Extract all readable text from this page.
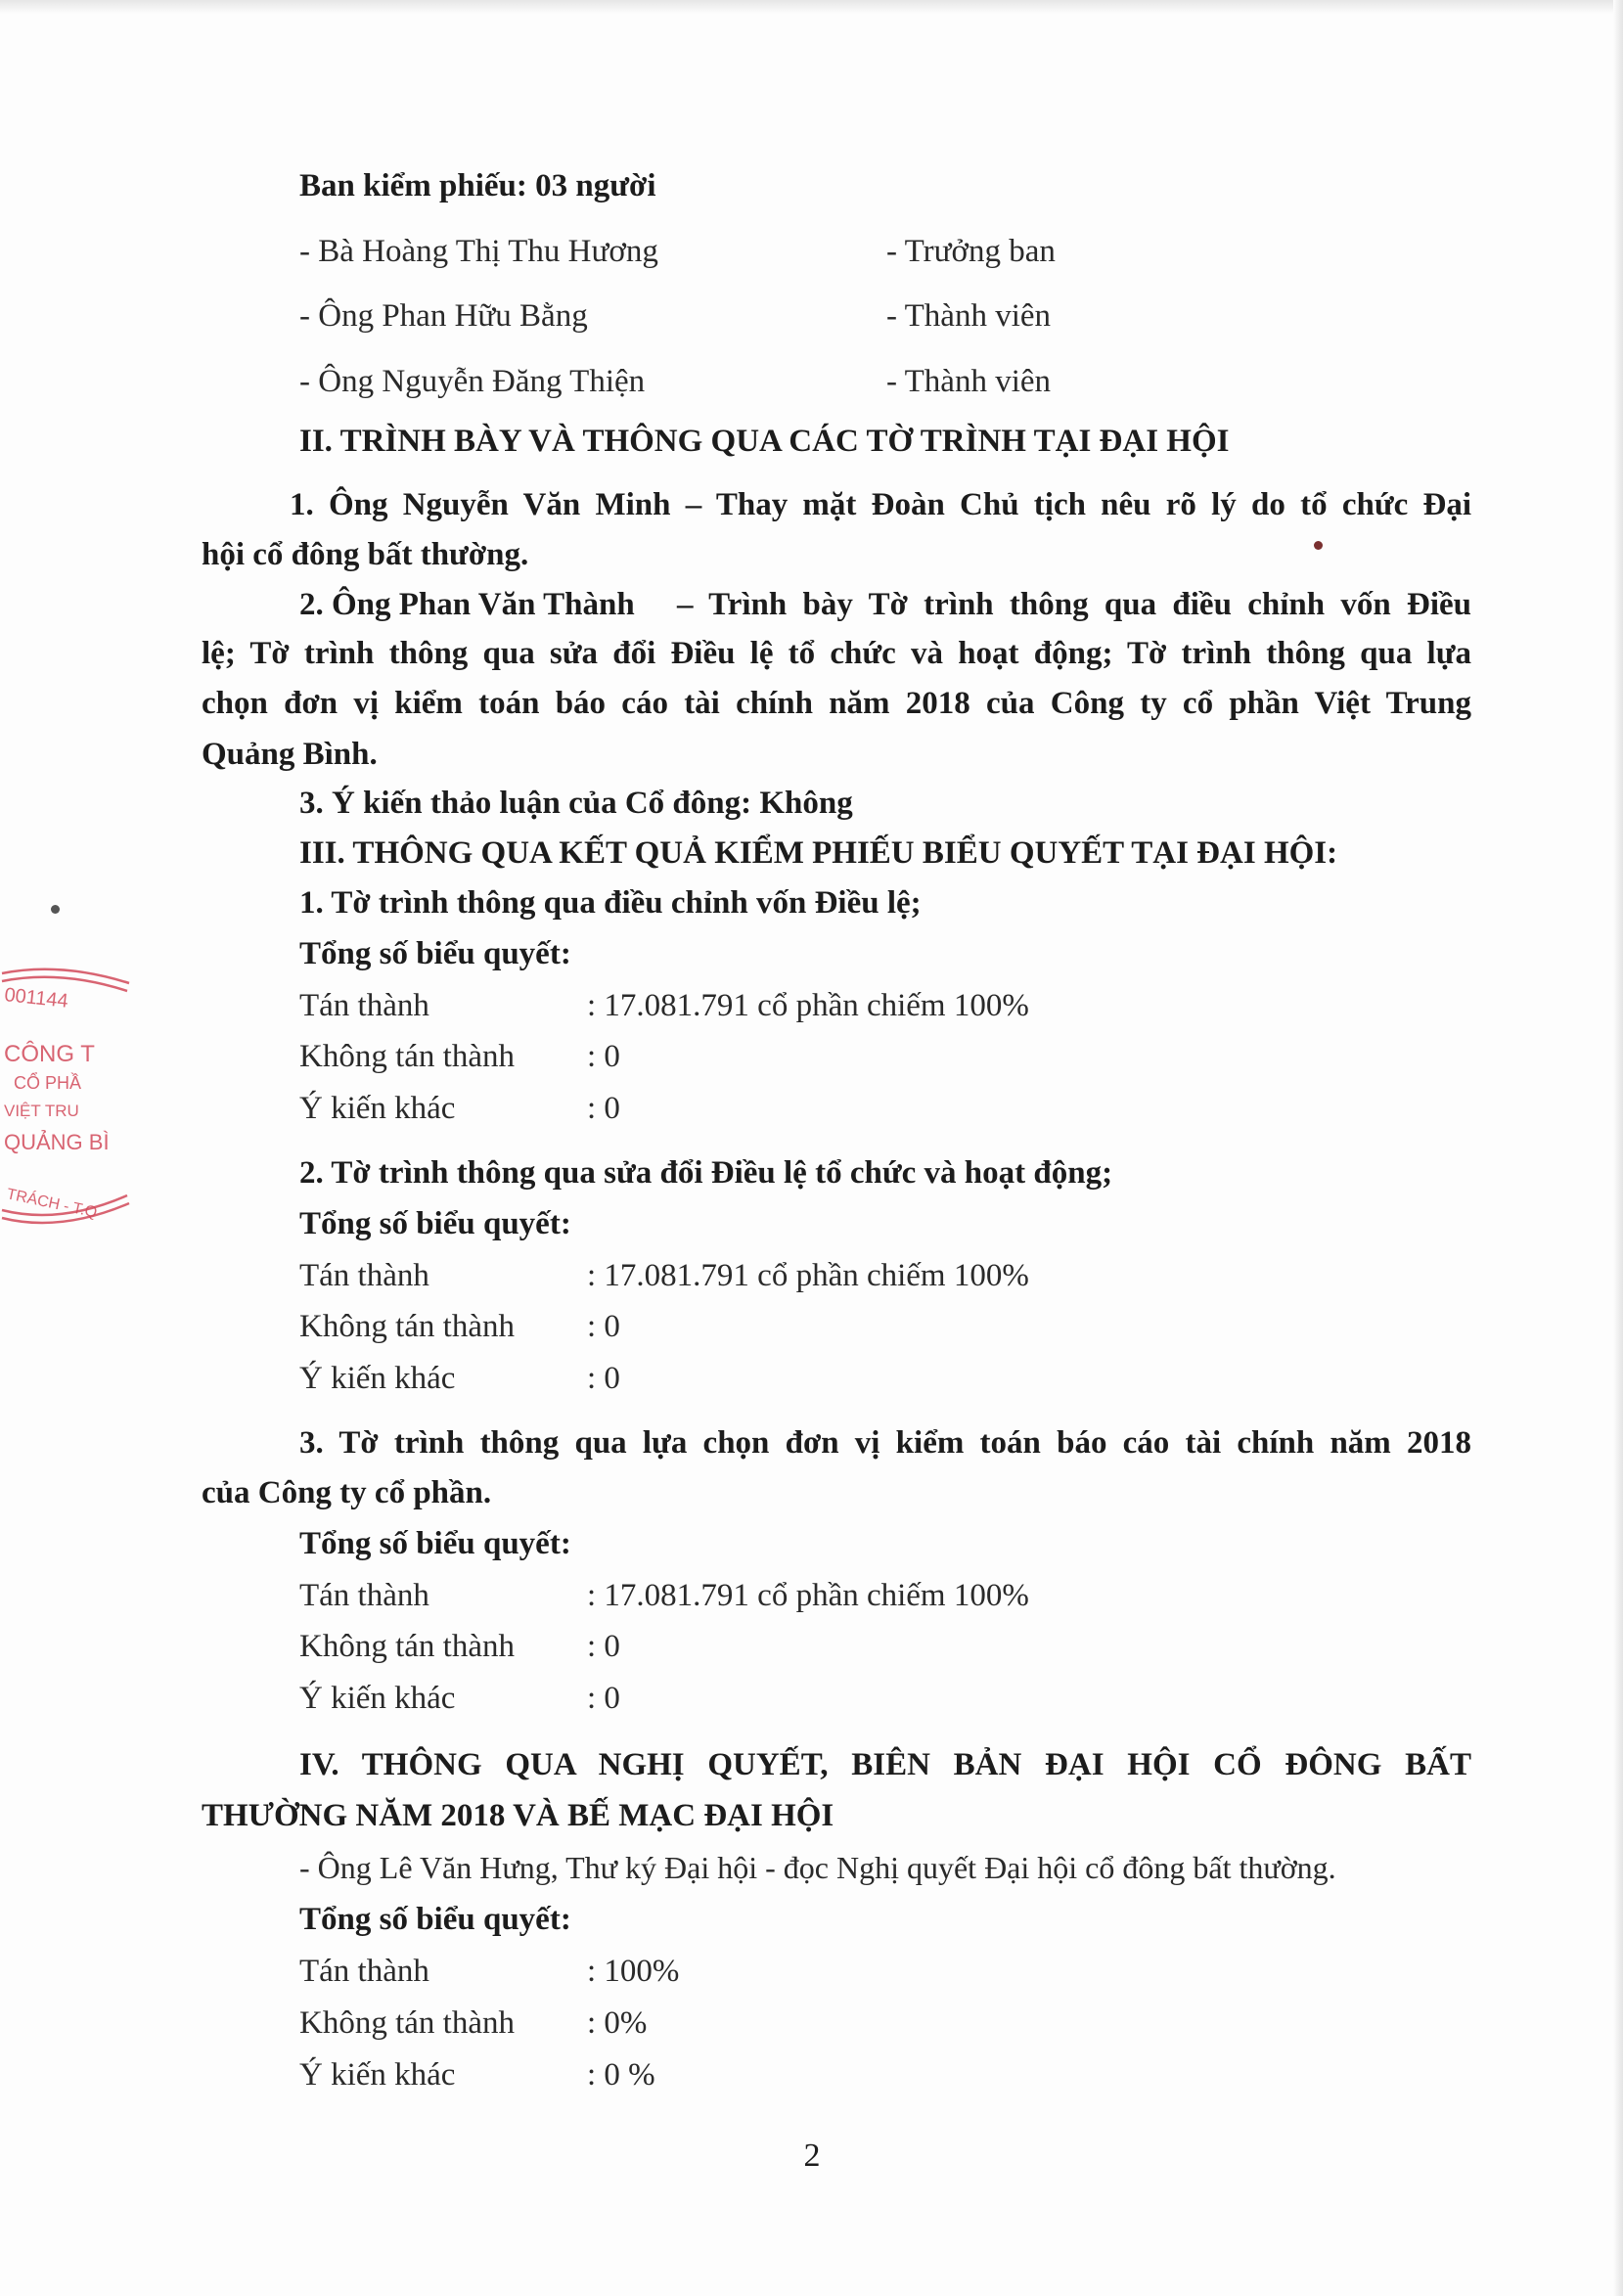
Ban kiểm phiếu: 03 người
- Bà Hoàng Thị Thu Hương	- Trưởng ban
- Ông Phan Hữu Bằng	- Thành viên
- Ông Nguyễn Đăng Thiện	- Thành viên
II. TRÌNH BÀY VÀ THÔNG QUA CÁC TỜ TRÌNH TẠI ĐẠI HỘI
1. Ông Nguyễn Văn Minh – Thay mặt Đoàn Chủ tịch nêu rõ lý do tổ chức Đại
hội cổ đông bất thường.
2. Ông Phan Văn Thành – Trình bày Tờ trình thông qua điều chỉnh vốn Điều
lệ; Tờ trình thông qua sửa đổi Điều lệ tổ chức và hoạt động; Tờ trình thông qua lựa
chọn đơn vị kiểm toán báo cáo tài chính năm 2018 của Công ty cổ phần Việt Trung
Quảng Bình.
3. Ý kiến thảo luận của Cổ đông: Không
III. THÔNG QUA KẾT QUẢ KIỂM PHIẾU BIỂU QUYẾT TẠI ĐẠI HỘI:
1. Tờ trình thông qua điều chỉnh vốn Điều lệ;
Tổng số biểu quyết:
Tán thành	: 17.081.791 cổ phần chiếm 100%
Không tán thành : 0
Ý kiến khác	: 0
2. Tờ trình thông qua sửa đổi Điều lệ tổ chức và hoạt động;
Tổng số biểu quyết:
Tán thành	: 17.081.791 cổ phần chiếm 100%
Không tán thành : 0
Ý kiến khác	: 0
3. Tờ trình thông qua lựa chọn đơn vị kiểm toán báo cáo tài chính năm 2018
của Công ty cổ phần.
Tổng số biểu quyết:
Tán thành	: 17.081.791 cổ phần chiếm 100%
Không tán thành : 0
Ý kiến khác	: 0
IV. THÔNG QUA NGHỊ QUYẾT, BIÊN BẢN ĐẠI HỘI CỔ ĐÔNG BẤT
THƯỜNG NĂM 2018 VÀ BẾ MẠC ĐẠI HỘI
- Ông Lê Văn Hưng, Thư ký Đại hội - đọc Nghị quyết Đại hội cổ đông bất thường.
Tổng số biểu quyết:
Tán thành	: 100%
Không tán thành : 0%
Ý kiến khác	: 0 %
2
001144
CÔNG T
CỔ PHẦ
VIỆT TRU
QUẢNG BÌ
TRÁCH - T.Q
